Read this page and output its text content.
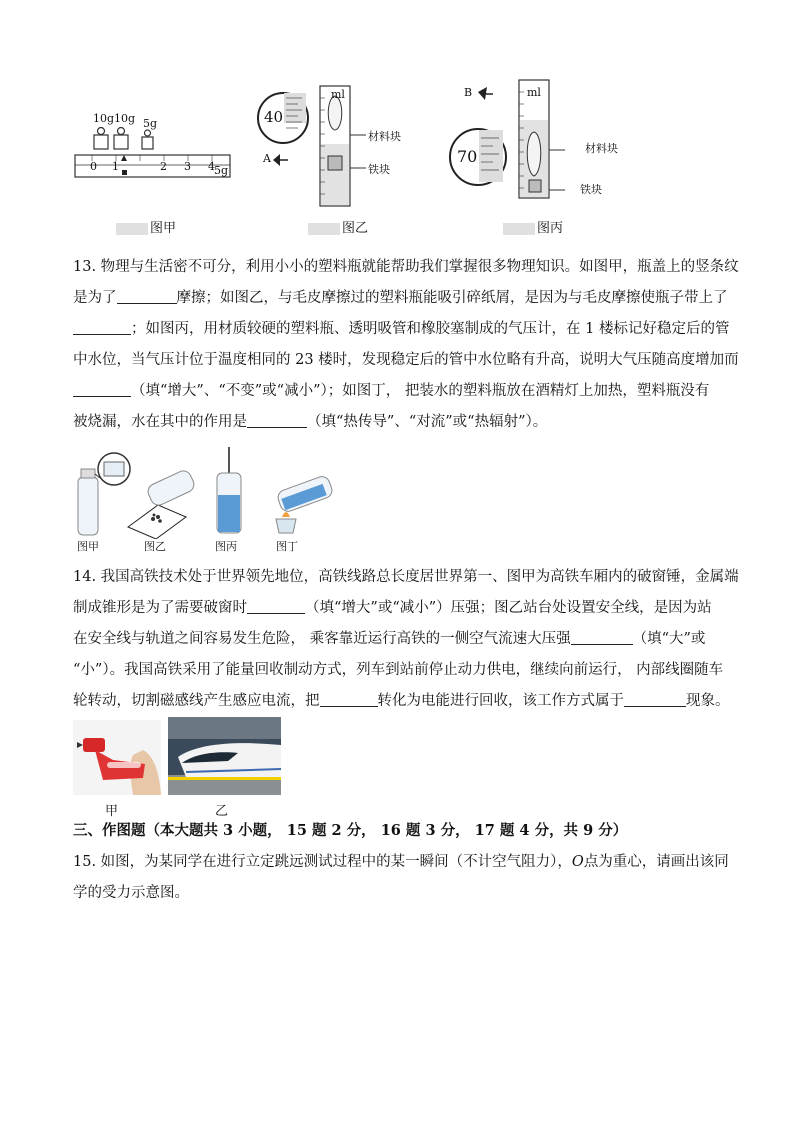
10g 10g 5g
0 1	2 3 4 5g
图甲
40
A
ml
材料块
铁块
图乙
70
B	ml
材料块
铁块
图丙
13. 物理与生活密不可分，利用小小的塑料瓶就能帮助我们掌握很多物理知识。如图甲，瓶盖上的竖条纹
是为了	摩擦；如图乙，与毛皮摩擦过的塑料瓶能吸引碎纸屑，是因为与毛皮摩擦使瓶子带上了
；如图丙，用材质较硬的塑料瓶、透明吸管和橡胶塞制成的气压计，在 1 楼标记好稳定后的管
中水位，当气压计位于温度相同的 23 楼时，发现稳定后的管中水位略有升高，说明大气压随高度增加而
（填“增大”、“不变”或“减小”）；如图丁， 把装水的塑料瓶放在酒精灯上加热，塑料瓶没有
被烧漏，水在其中的作用是	（填“热传导”、“对流”或“热辐射”）。
图甲	图乙	图丙	图丁
14. 我国高铁技术处于世界领先地位，高铁线路总长度居世界第一、图甲为高铁车厢内的破窗锤，金属端
制成锥形是为了需要破窗时	（填“增大”或“减小”）压强；图乙站台处设置安全线，是因为站
在安全线与轨道之间容易发生危险， 乘客靠近运行高铁的一侧空气流速大压强	（填“大”或
“小”）。我国高铁采用了能量回收制动方式，列车到站前停止动力供电，继续向前运行， 内部线圈随车
轮转动，切割磁感线产生感应电流，把	转化为电能进行回收，该工作方式属于	现象。
甲	乙
三、作图题（本大题共 3 小题， 15 题 2 分， 16 题 3 分， 17 题 4 分，共 9 分）
15. 如图，为某同学在进行立定跳远测试过程中的某一瞬间（不计空气阻力），O点为重心，请画出该同
学的受力示意图。
